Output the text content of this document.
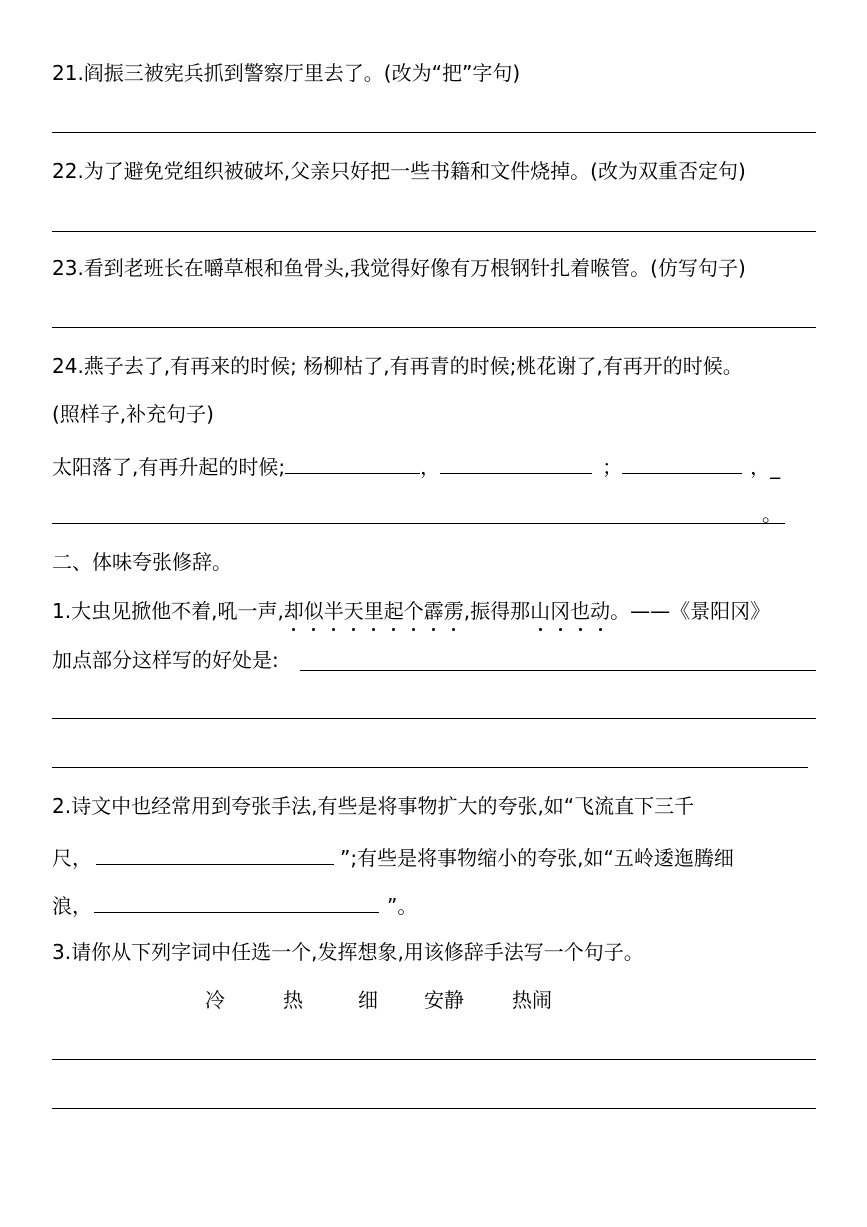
21.阎振三被宪兵抓到警察厅里去了。(改为“把”字句)

22.为了避免党组织被破坏,父亲只好把一些书籍和文件烧掉。(改为双重否定句)

23.看到老班长在嚼草根和鱼骨头,我觉得好像有万根钢针扎着喉管。(仿写句子)

24.燕子去了,有再来的时候; 杨柳枯了,有再青的时候;桃花谢了,有再开的时候。

(照样子,补充句子)

太阳落了,有再升起的时候;	，	；	，_
。
二、体味夸张修辞。

1.大虫见掀他不着,吼一声,却似半天里起个霹雳,振得那山冈也动。——《景阳冈》

加点部分这样写的好处是:

2.诗文中也经常用到夸张手法,有些是将事物扩大的夸张,如“飞流直下三千

尺，	”;有些是将事物缩小的夸张,如“五岭逶迤腾细
浪，	”。

3.请你从下列字词中任选一个,发挥想象,用该修辞手法写一个句子。

冷	热	细 安静 热闹
